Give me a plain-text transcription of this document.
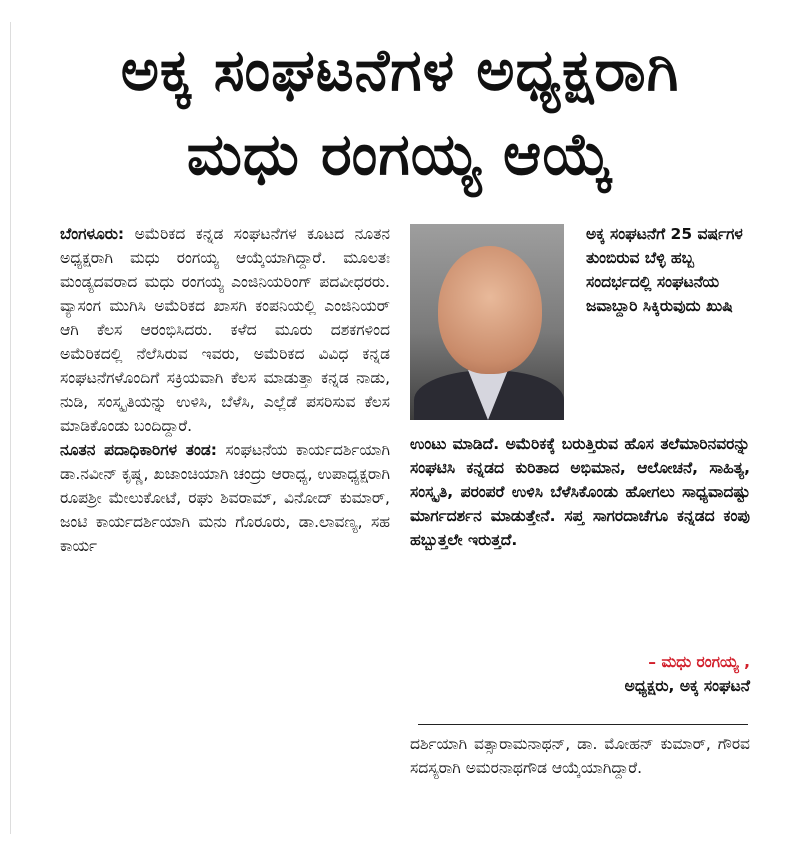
ಅಕ್ಕ ಸಂಘಟನೆಗಳ ಅಧ್ಯಕ್ಷರಾಗಿ
ಮಧು ರಂಗಯ್ಯ ಆಯ್ಕೆ

ಬೆಂಗಳೂರು: ಅಮೆರಿಕದ ಕನ್ನಡ ಸಂಘಟನೆಗಳ ಕೂಟದ ನೂತನ ಅಧ್ಯಕ್ಷರಾಗಿ ಮಧು ರಂಗಯ್ಯ ಆಯ್ಕೆಯಾಗಿದ್ದಾರೆ. ಮೂಲತಃ ಮಂಡ್ಯದವರಾದ ಮಧು ರಂಗಯ್ಯ ಎಂಜಿನಿಯರಿಂಗ್ ಪದವೀಧರರು. ವ್ಯಾಸಂಗ ಮುಗಿಸಿ ಅಮೆರಿಕದ ಖಾಸಗಿ ಕಂಪನಿಯಲ್ಲಿ ಎಂಜಿನಿಯರ್ ಆಗಿ ಕೆಲಸ ಆರಂಭಿಸಿದರು. ಕಳೆದ ಮೂರು ದಶಕಗಳಿಂದ ಅಮೆರಿಕದಲ್ಲಿ ನೆಲೆಸಿರುವ ಇವರು, ಅಮೆರಿಕದ ವಿವಿಧ ಕನ್ನಡ ಸಂಘಟನೆಗಳೊಂದಿಗೆ ಸಕ್ರಿಯವಾಗಿ ಕೆಲಸ ಮಾಡುತ್ತಾ ಕನ್ನಡ ನಾಡು, ನುಡಿ, ಸಂಸ್ಕೃತಿಯನ್ನು ಉಳಿಸಿ, ಬೆಳೆಸಿ, ಎಲ್ಲೆಡೆ ಪಸರಿಸುವ ಕೆಲಸ ಮಾಡಿಕೊಂಡು ಬಂದಿದ್ದಾರೆ.

ನೂತನ ಪದಾಧಿಕಾರಿಗಳ ತಂಡ: ಸಂಘಟನೆಯ ಕಾರ್ಯದರ್ಶಿಯಾಗಿ ಡಾ.ನವೀನ್ ಕೃಷ್ಣ, ಖಜಾಂಚಿಯಾಗಿ ಚಂದ್ರು ಆರಾಧ್ಯ, ಉಪಾಧ್ಯಕ್ಷರಾಗಿ ರೂಪಶ್ರೀ ಮೇಲುಕೋಟೆ, ರಘು ಶಿವರಾಮ್, ವಿನೋದ್ ಕುಮಾರ್, ಜಂಟಿ ಕಾರ್ಯದರ್ಶಿಯಾಗಿ ಮನು ಗೊರೂರು, ಡಾ.ಲಾವಣ್ಯ, ಸಹ ಕಾರ್ಯ

ಅಕ್ಕ ಸಂಘಟನೆಗೆ 25 ವರ್ಷಗಳ ತುಂಬಿರುವ ಬೆಳ್ಳಿ ಹಬ್ಬ ಸಂದರ್ಭದಲ್ಲಿ ಸಂಘಟನೆಯ ಜವಾಬ್ದಾರಿ ಸಿಕ್ಕಿರುವುದು ಖುಷಿ

ಉಂಟು ಮಾಡಿದೆ. ಅಮೆರಿಕಕ್ಕೆ ಬರುತ್ತಿರುವ ಹೊಸ ತಲೆಮಾರಿನವರನ್ನು ಸಂಘಟಿಸಿ ಕನ್ನಡದ ಕುರಿತಾದ ಅಭಿಮಾನ, ಆಲೋಚನೆ, ಸಾಹಿತ್ಯ, ಸಂಸ್ಕೃತಿ, ಪರಂಪರೆ ಉಳಿಸಿ ಬೆಳೆಸಿಕೊಂಡು ಹೋಗಲು ಸಾಧ್ಯವಾದಷ್ಟು ಮಾರ್ಗದರ್ಶನ ಮಾಡುತ್ತೇನೆ. ಸಪ್ತ ಸಾಗರದಾಚೆಗೂ ಕನ್ನಡದ ಕಂಪು ಹಬ್ಬುತ್ತಲೇ ಇರುತ್ತದೆ.

– ಮಧು ರಂಗಯ್ಯ ,
ಅಧ್ಯಕ್ಷರು, ಅಕ್ಕ ಸಂಘಟನೆ

ದರ್ಶಿಯಾಗಿ ವತ್ಸಾರಾಮನಾಥನ್, ಡಾ. ಮೋಹನ್ ಕುಮಾರ್, ಗೌರವ ಸದಸ್ಯರಾಗಿ ಅಮರನಾಥಗೌಡ ಆಯ್ಕೆಯಾಗಿದ್ದಾರೆ.
